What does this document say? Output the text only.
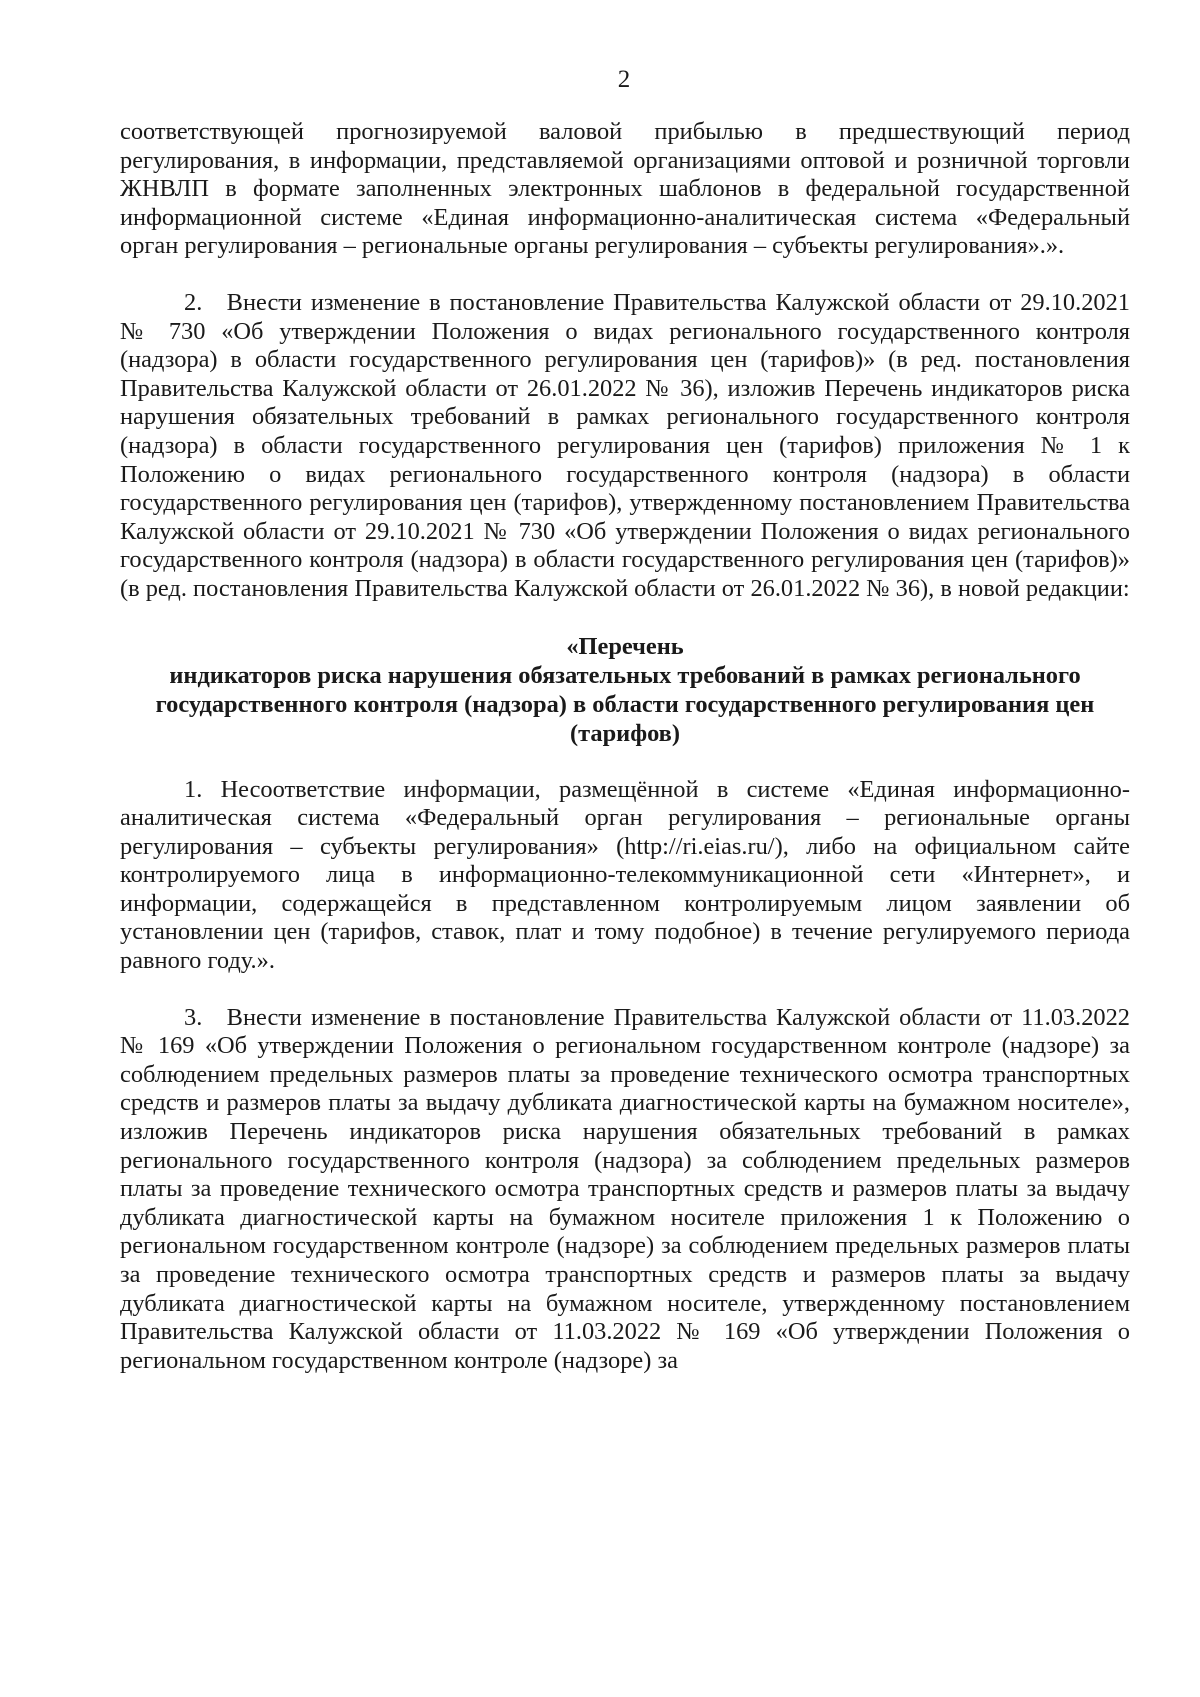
2

соответствующей прогнозируемой валовой прибылью в предшествующий период регулирования, в информации, представляемой организациями оптовой и розничной торговли ЖНВЛП в формате заполненных электронных шаблонов в федеральной государственной информационной системе «Единая информационно-аналитическая система «Федеральный орган регулирования – региональные органы регулирования – субъекты регулирования».».

2. Внести изменение в постановление Правительства Калужской области от 29.10.2021 № 730 «Об утверждении Положения о видах регионального государственного контроля (надзора) в области государственного регулирования цен (тарифов)» (в ред. постановления Правительства Калужской области от 26.01.2022 № 36), изложив Перечень индикаторов риска нарушения обязательных требований в рамках регионального государственного контроля (надзора) в области государственного регулирования цен (тарифов) приложения № 1 к Положению о видах регионального государственного контроля (надзора) в области государственного регулирования цен (тарифов), утвержденному постановлением Правительства Калужской области от 29.10.2021 № 730 «Об утверждении Положения о видах регионального государственного контроля (надзора) в области государственного регулирования цен (тарифов)» (в ред. постановления Правительства Калужской области от 26.01.2022 № 36), в новой редакции:

«Перечень
индикаторов риска нарушения обязательных требований в рамках регионального государственного контроля (надзора) в области государственного регулирования цен (тарифов)

1. Несоответствие информации, размещённой в системе «Единая информационно-аналитическая система «Федеральный орган регулирования – региональные органы регулирования – субъекты регулирования» (http://ri.eias.ru/), либо на официальном сайте контролируемого лица в информационно-телекоммуникационной сети «Интернет», и информации, содержащейся в представленном контролируемым лицом заявлении об установлении цен (тарифов, ставок, плат и тому подобное) в течение регулируемого периода равного году.».

3. Внести изменение в постановление Правительства Калужской области от 11.03.2022 № 169 «Об утверждении Положения о региональном государственном контроле (надзоре) за соблюдением предельных размеров платы за проведение технического осмотра транспортных средств и размеров платы за выдачу дубликата диагностической карты на бумажном носителе», изложив Перечень индикаторов риска нарушения обязательных требований в рамках регионального государственного контроля (надзора) за соблюдением предельных размеров платы за проведение технического осмотра транспортных средств и размеров платы за выдачу дубликата диагностической карты на бумажном носителе приложения 1 к Положению о региональном государственном контроле (надзоре) за соблюдением предельных размеров платы за проведение технического осмотра транспортных средств и размеров платы за выдачу дубликата диагностической карты на бумажном носителе, утвержденному постановлением Правительства Калужской области от 11.03.2022 № 169 «Об утверждении Положения о региональном государственном контроле (надзоре) за
